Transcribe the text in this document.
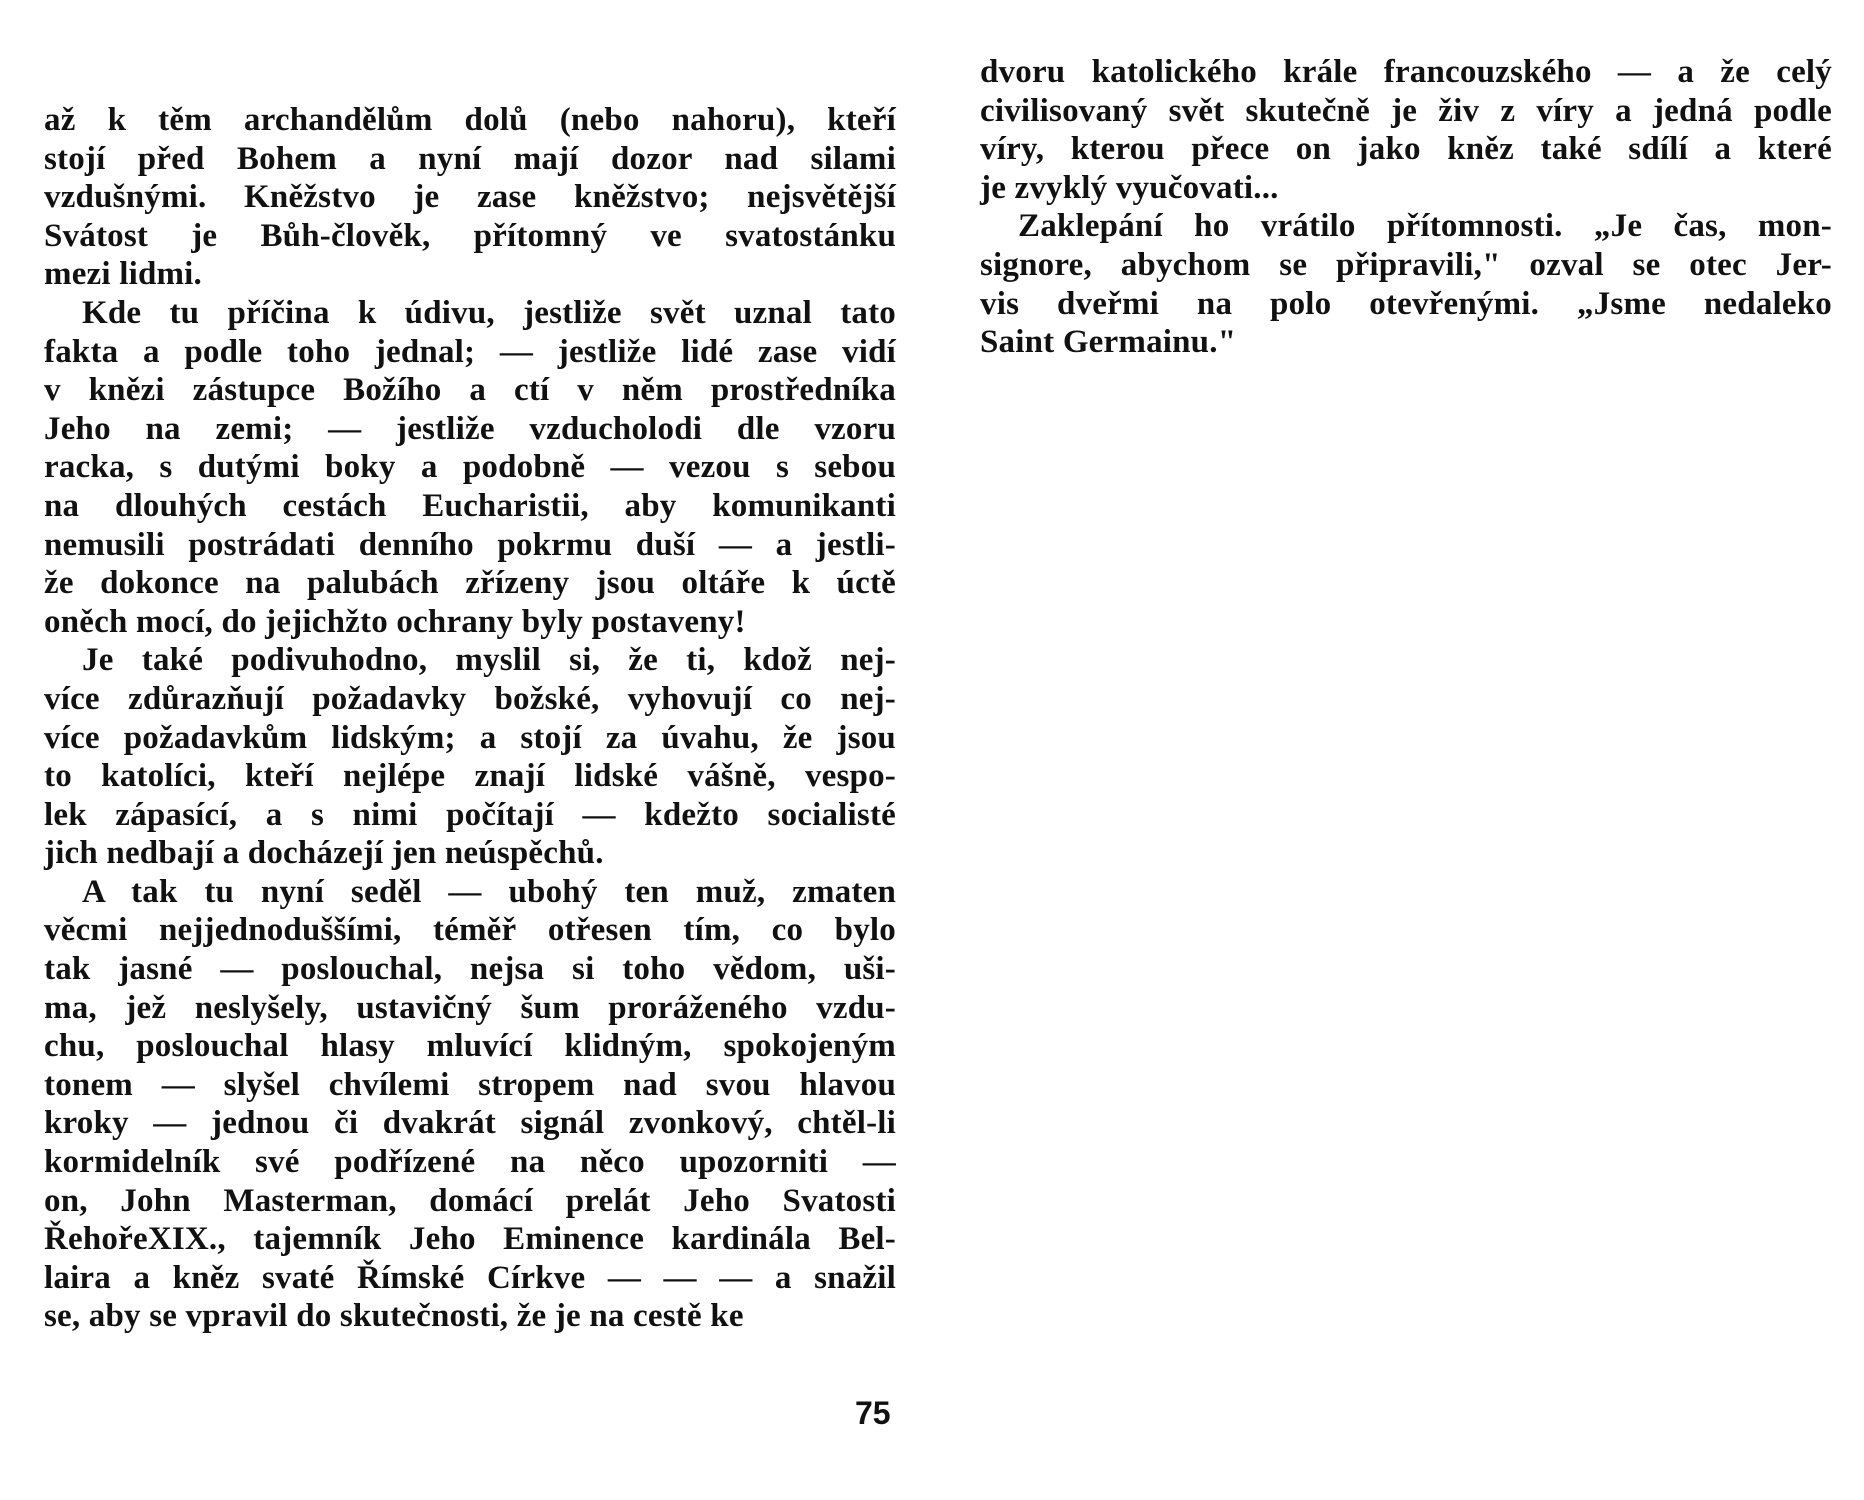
až k těm archandělům dolů (nebo nahoru), kteří
stojí před Bohem a nyní mají dozor nad silami
vzdušnými. Kněžstvo je zase kněžstvo; nejsvětější
Svátost je Bůh-člověk, přítomný ve svatostánku
mezi lidmi.
Kde tu příčina k údivu, jestliže svět uznal tato
fakta a podle toho jednal; — jestliže lidé zase vidí
v knězi zástupce Božího a ctí v něm prostředníka
Jeho na zemi; — jestliže vzducholodi dle vzoru
racka, s dutými boky a podobně — vezou s sebou
na dlouhých cestách Eucharistii, aby komunikanti
nemusili postrádati denního pokrmu duší — a jestli-
že dokonce na palubách zřízeny jsou oltáře k úctě
oněch mocí, do jejichžto ochrany byly postaveny!
Je také podivuhodno, myslil si, že ti, kdož nej-
více zdůrazňují požadavky božské, vyhovují co nej-
více požadavkům lidským; a stojí za úvahu, že jsou
to katolíci, kteří nejlépe znají lidské vášně, vespo-
lek zápasící, a s nimi počítají — kdežto socialisté
jich nedbají a docházejí jen neúspěchů.
A tak tu nyní seděl — ubohý ten muž, zmaten
věcmi nejjednoduššími, téměř otřesen tím, co bylo
tak jasné — poslouchal, nejsa si toho vědom, uši-
ma, jež neslyšely, ustavičný šum proráženého vzdu-
chu, poslouchal hlasy mluvící klidným, spokojeným
tonem — slyšel chvílemi stropem nad svou hlavou
kroky — jednou či dvakrát signál zvonkový, chtěl-li
kormidelník své podřízené na něco upozorniti —
on, John Masterman, domácí prelát Jeho Svatosti
ŘehořeXIX., tajemník Jeho Eminence kardinála Bel-
laira a kněz svaté Římské Církve — — — a snažil
se, aby se vpravil do skutečnosti, že je na cestě ke
dvoru katolického krále francouzského — a že celý
civilisovaný svět skutečně je živ z víry a jedná podle
víry, kterou přece on jako kněz také sdílí a které
je zvyklý vyučovati...
Zaklepání ho vrátilo přítomnosti. „Je čas, mon-
signore, abychom se připravili," ozval se otec Jer-
vis dveřmi na polo otevřenými. „Jsme nedaleko
Saint Germainu."
75
